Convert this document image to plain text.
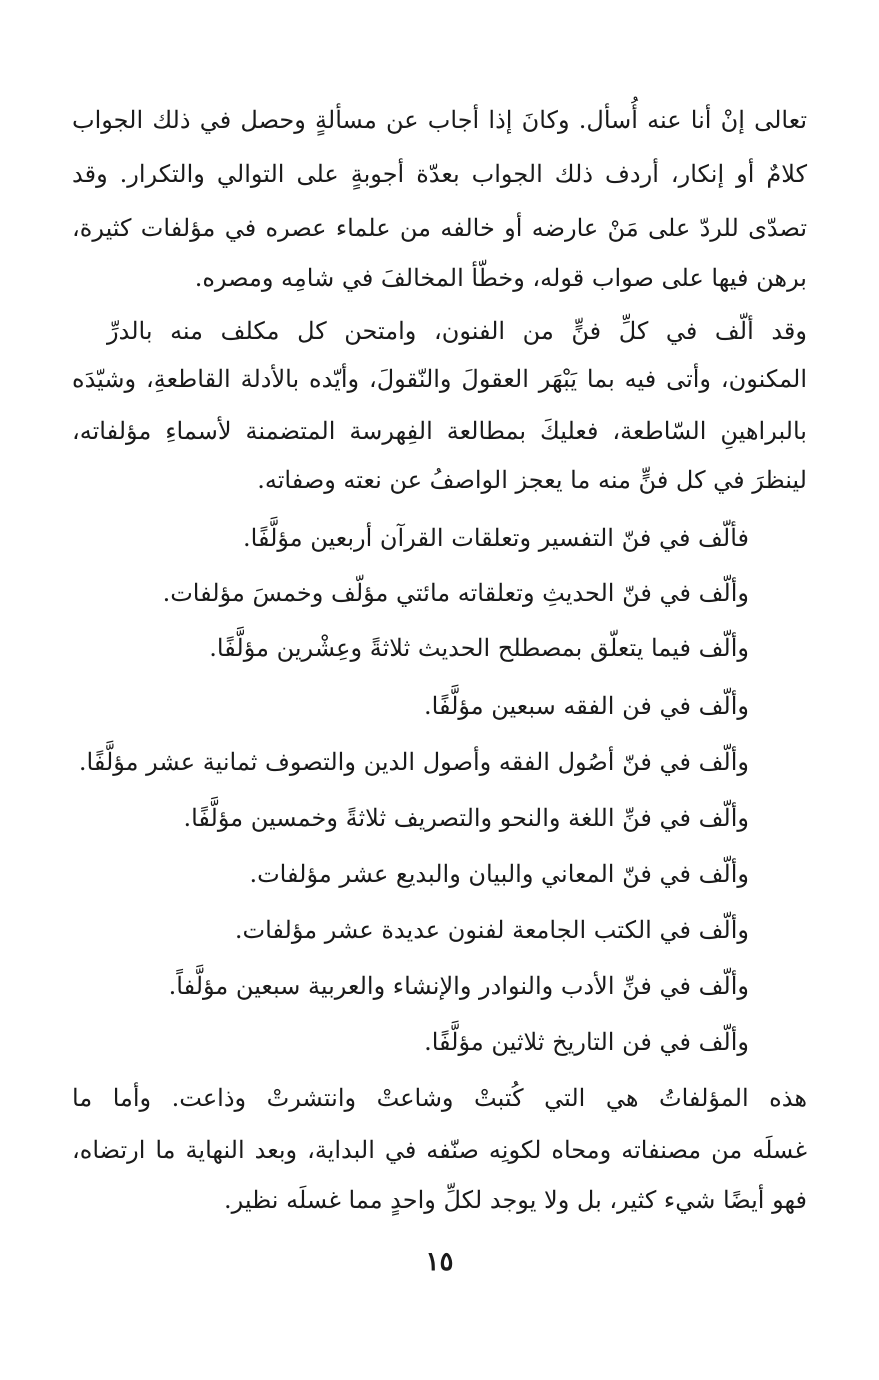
تعالى إنْ أنا عنه أُسأل. وكانَ إذا أجاب عن مسألةٍ وحصل في ذلك الجواب
كلامٌ أو إنكار، أردف ذلك الجواب بعدّة أجوبةٍ على التوالي والتكرار. وقد
تصدّى للردّ على مَنْ عارضه أو خالفه من علماء عصره في مؤلفات كثيرة،
برهن فيها على صواب قوله، وخطّأ المخالفَ في شامِه ومصره.
وقد ألّف في كلِّ فنٍّ من الفنون، وامتحن كل مكلف منه بالدرِّ
المكنون، وأتى فيه بما يَبْهَر العقولَ والنّقولَ، وأيّده بالأدلة القاطعةِ، وشيّدَه
بالبراهينِ السّاطعة، فعليكَ بمطالعة الفِهرسة المتضمنة لأسماءِ مؤلفاته،
لينظرَ في كل فنٍّ منه ما يعجز الواصفُ عن نعته وصفاته.
فألّف في فنّ التفسير وتعلقات القرآن أربعين مؤلَّفًا.
وألّف في فنّ الحديثِ وتعلقاته مائتي مؤلّف وخمسَ مؤلفات.
وألّف فيما يتعلّق بمصطلح الحديث ثلاثةً وعِشْرين مؤلَّفًا.
وألّف في فن الفقه سبعين مؤلَّفًا.
وألّف في فنّ أصُول الفقه وأصول الدين والتصوف ثمانية عشر مؤلَّفًا.
وألّف في فنِّ اللغة والنحو والتصريف ثلاثةً وخمسين مؤلَّفًا.
وألّف في فنّ المعاني والبيان والبديع عشر مؤلفات.
وألّف في الكتب الجامعة لفنون عديدة عشر مؤلفات.
وألّف في فنِّ الأدب والنوادر والإنشاء والعربية سبعين مؤلَّفاً.
وألّف في فن التاريخ ثلاثين مؤلَّفًا.
هذه المؤلفاتُ هي التي كُتبتْ وشاعتْ وانتشرتْ وذاعت. وأما ما
غسلَه من مصنفاته ومحاه لكونِه صنّفه في البداية، وبعد النهاية ما ارتضاه،
فهو أيضًا شيء كثير، بل ولا يوجد لكلِّ واحدٍ مما غسلَه نظير.
١٥
